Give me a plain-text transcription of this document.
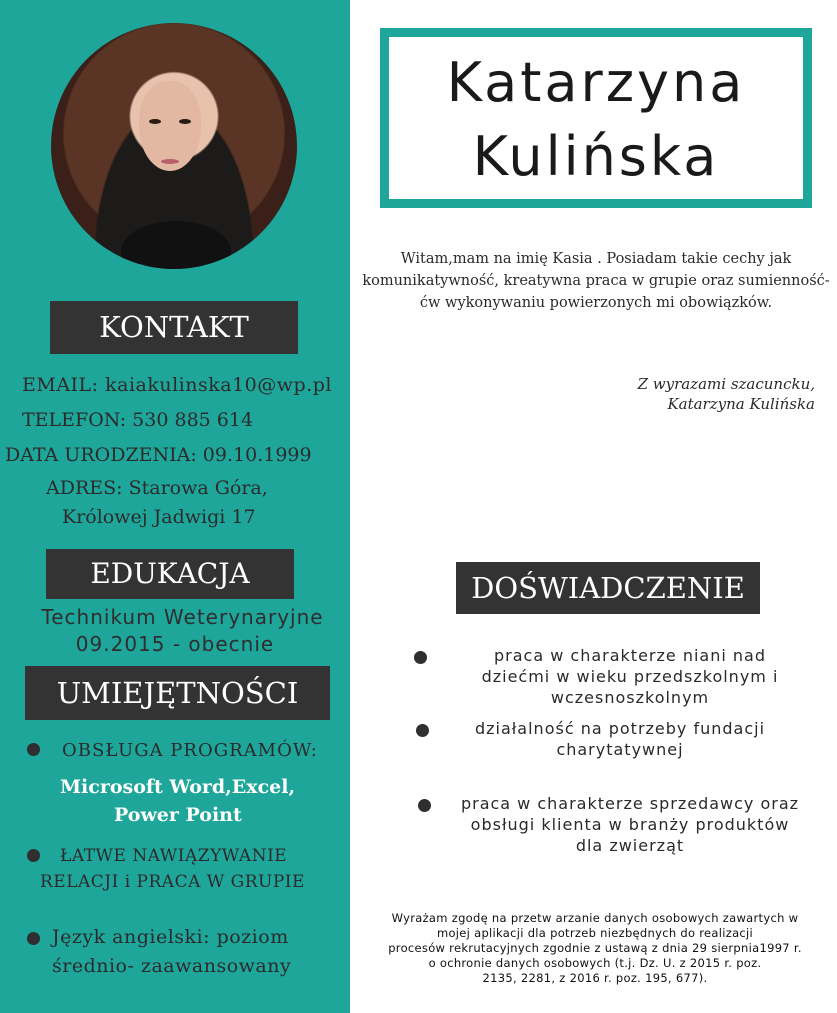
KONTAKT
EMAIL: kaiakulinska10@wp.pl
TELEFON: 530 885 614
DATA URODZENIA: 09.10.1999
ADRES: Starowa Góra,
Królowej Jadwigi 17
EDUKACJA
Technikum Weterynaryjne
09.2015 - obecnie
UMIEJĘTNOŚCI
OBSŁUGA PROGRAMÓW:
Microsoft Word,Excel,
Power Point
ŁATWE NAWIĄZYWANIE
RELACJI i PRACA W GRUPIE
Język angielski: poziom
średnio- zaawansowany
Katarzyna
Kulińska
Witam,mam na imię Kasia . Posiadam takie cechy jak
komunikatywność, kreatywna praca w grupie oraz sumienność-
ćw wykonywaniu powierzonych mi obowiązków.
Z wyrazami szacuncku,
Katarzyna Kulińska
DOŚWIADCZENIE
praca w charakterze niani nad
dziećmi w wieku przedszkolnym i
wczesnoszkolnym
działalność na potrzeby fundacji
charytatywnej
praca w charakterze sprzedawcy oraz
obsługi klienta w branży produktów
dla zwierząt
Wyrażam zgodę na przetw arzanie danych osobowych zawartych w
mojej aplikacji dla potrzeb niezbędnych do realizacji
procesów rekrutacyjnych zgodnie z ustawą z dnia 29 sierpnia1997 r.
o ochronie danych osobowych (t.j. Dz. U. z 2015 r. poz.
2135, 2281, z 2016 r. poz. 195, 677).
